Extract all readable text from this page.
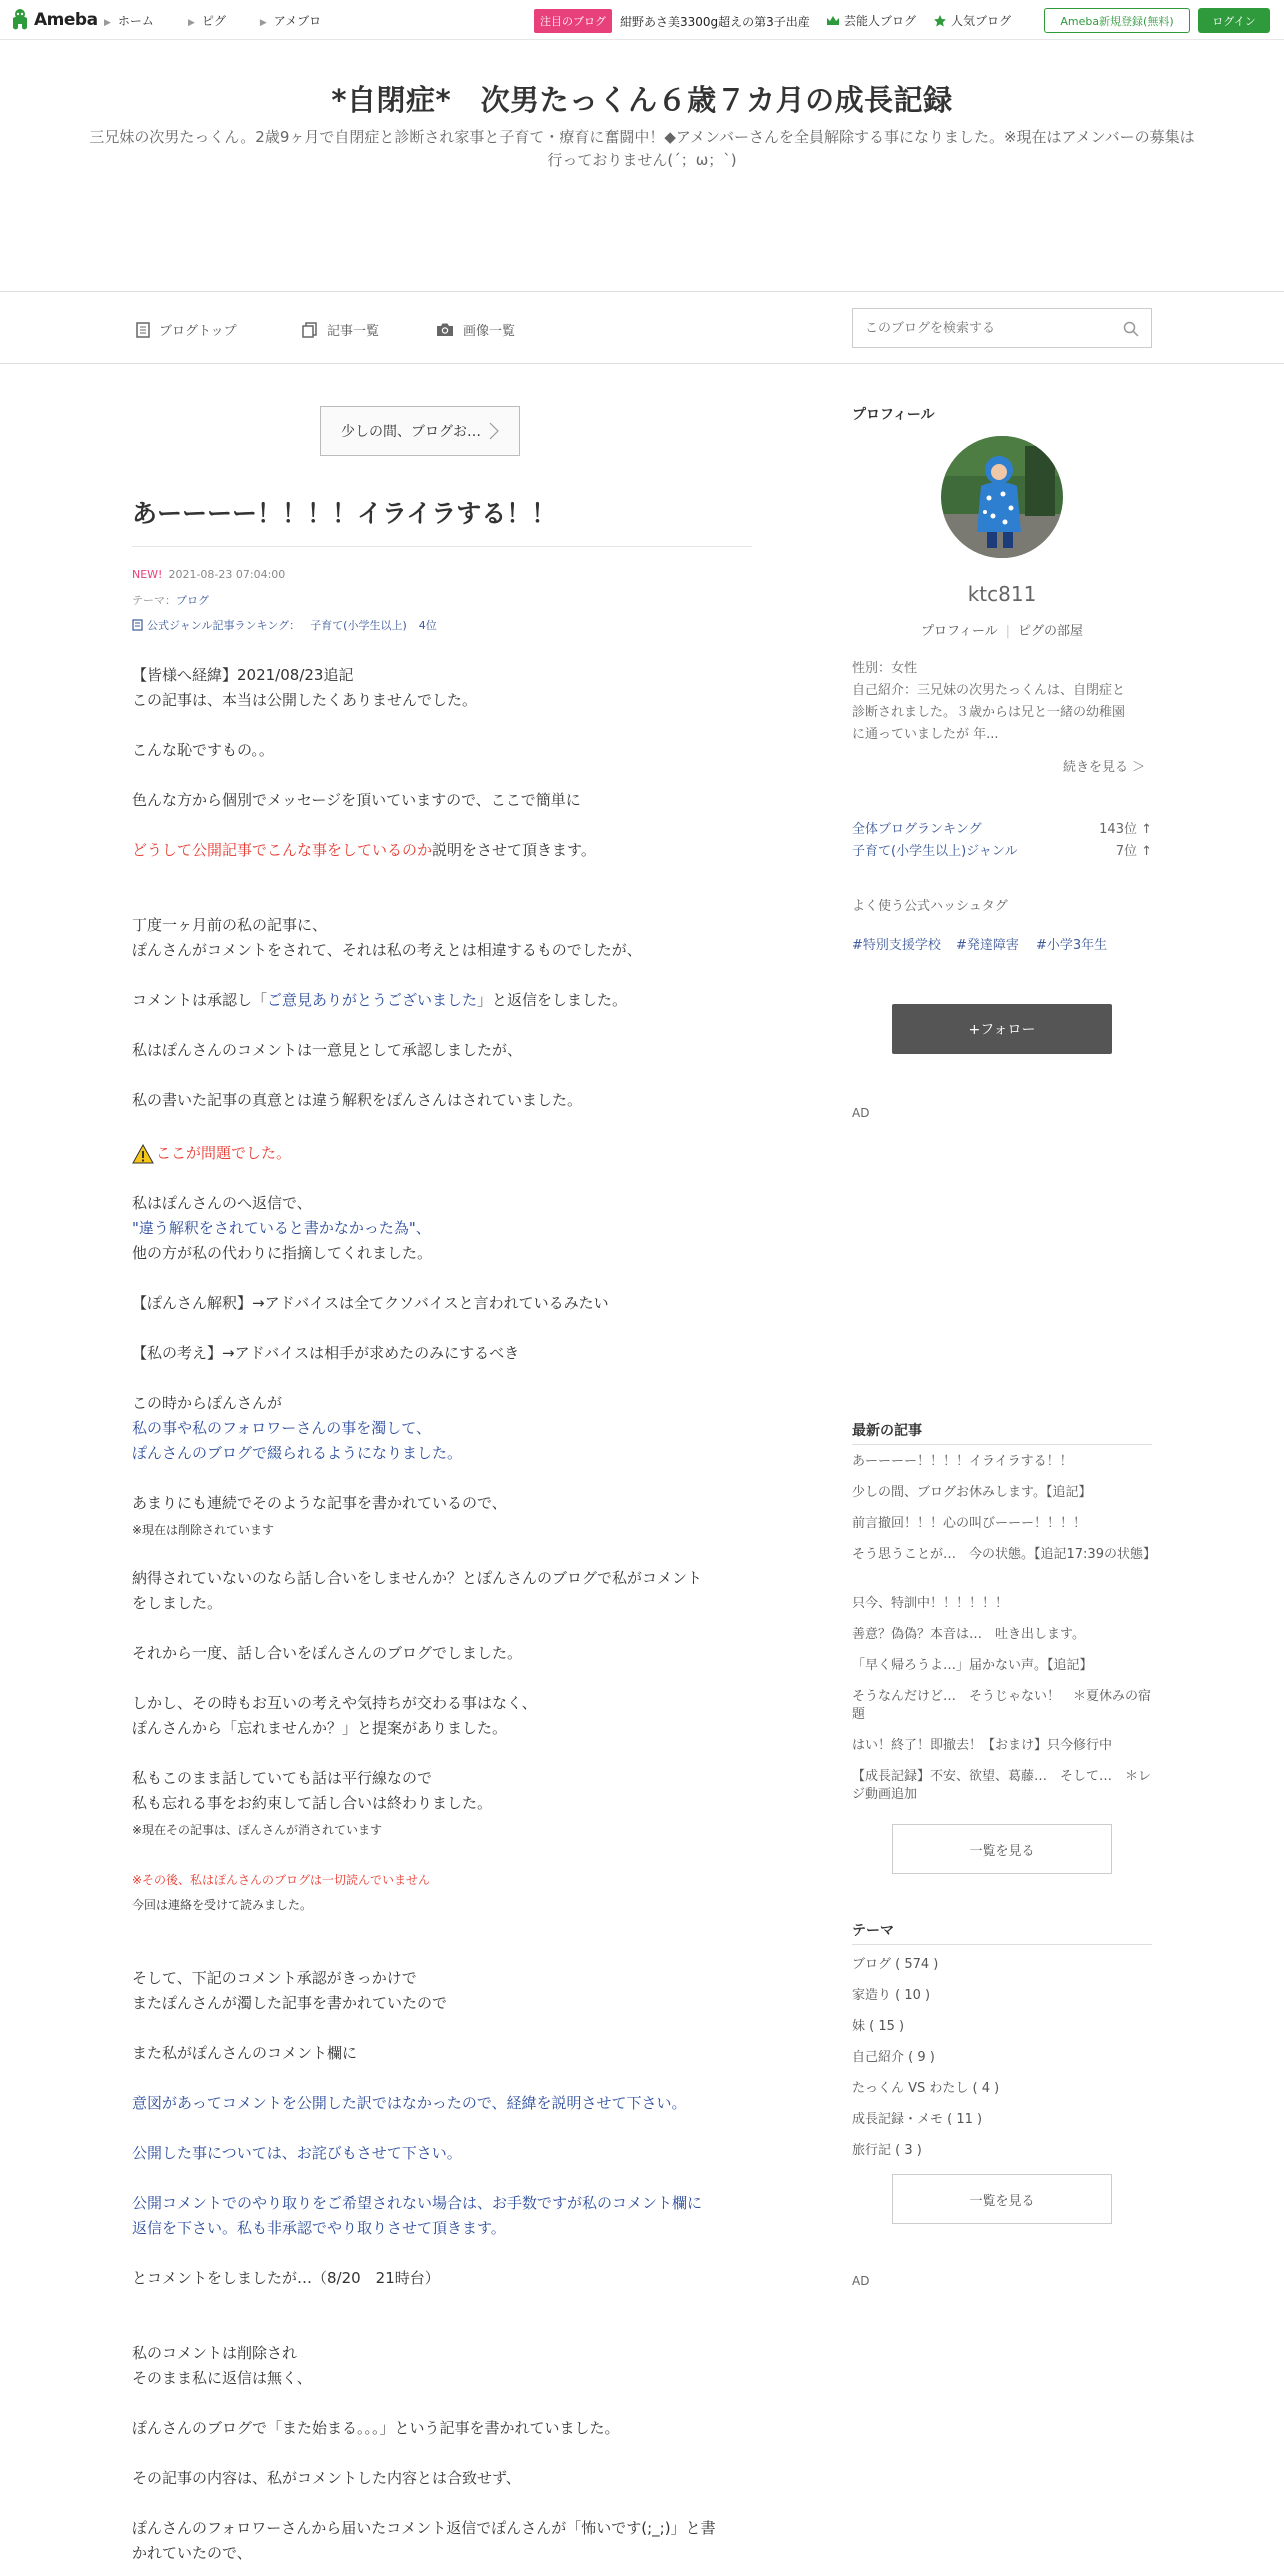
Ameba ▶ ホーム	▶ ピグ	▶ アメブロ	注目のブログ	紺野あさ美3300g超えの第3子出産	芸能人ブログ	人気ブログ	Ameba新規登録(無料)	ログイン
*自閉症*　次男たっくん６歳７カ月の成長記録

三兄妹の次男たっくん。2歳9ヶ月で自閉症と診断され家事と子育て・療育に奮闘中！◆アメンバーさんを全員解除する事になりました。※現在はアメンバーの募集は行っておりません(´；ω；`)

ブログトップ	記事一覧	画像一覧
このブログを検索する
少しの間、ブログお…
あーーーー！！！！イライラする！！
NEW! 2021-08-23 07:04:00
テーマ：ブログ
公式ジャンル記事ランキング： 子育て(小学生以上) 4位

【皆様へ経緯】2021/08/23追記

この記事は、本当は公開したくありませんでした。

こんな恥ですもの。。

色んな方から個別でメッセージを頂いていますので、ここで簡単に

どうして公開記事でこんな事をしているのか説明をさせて頂きます。

丁度一ヶ月前の私の記事に、

ぽんさんがコメントをされて、それは私の考えとは相違するものでしたが、

コメントは承認し「ご意見ありがとうございました」と返信をしました。

私はぽんさんのコメントは一意見として承認しましたが、

私の書いた記事の真意とは違う解釈をぽんさんはされていました。

ここが問題でした。

私はぽんさんのへ返信で、

"違う解釈をされていると書かなかった為"、

他の方が私の代わりに指摘してくれました。

【ぽんさん解釈】→アドバイスは全てクソバイスと言われているみたい

【私の考え】→アドバイスは相手が求めたのみにするべき

この時からぽんさんが

私の事や私のフォロワーさんの事を濁して、

ぽんさんのブログで綴られるようになりました。

あまりにも連続でそのような記事を書かれているので、

※現在は削除されています

納得されていないのなら話し合いをしませんか？とぽんさんのブログで私がコメント

をしました。

それから一度、話し合いをぽんさんのブログでしました。

しかし、その時もお互いの考えや気持ちが交わる事はなく、

ぽんさんから「忘れませんか？」と提案がありました。

私もこのまま話していても話は平行線なので

私も忘れる事をお約束して話し合いは終わりました。

※現在その記事は、ぽんさんが消されています

※その後、私はぽんさんのブログは一切読んでいません

今回は連絡を受けて読みました。

そして、下記のコメント承認がきっかけで

またぽんさんが濁した記事を書かれていたので

また私がぽんさんのコメント欄に

意図があってコメントを公開した訳ではなかったので、経緯を説明させて下さい。

公開した事については、お詫びもさせて下さい。

公開コメントでのやり取りをご希望されない場合は、お手数ですが私のコメント欄に

返信を下さい。私も非承認でやり取りさせて頂きます。

とコメントをしましたが…（8/20　21時台）

私のコメントは削除され

そのまま私に返信は無く、

ぽんさんのブログで「また始まる。。。」という記事を書かれていました。

その記事の内容は、私がコメントした内容とは合致せず、

ぽんさんのフォロワーさんから届いたコメント返信でぽんさんが「怖いです(;_;)」と書

かれていたので、

プロフィール
ktc811
プロフィール | ピグの部屋

性別：女性

自己紹介：三兄妹の次男たっくんは、自閉症と

診断されました。３歳からは兄と一緒の幼稚園

に通っていましたが 年...

続きを見る ＞
全体ブログランキング	143位 ↑
子育て(小学生以上)ジャンル	7位 ↑

よく使う公式ハッシュタグ

#特別支援学校 #発達障害 #小学3年生
+フォロー
AD
最新の記事
あーーーー！！！！イライラする！！
少しの間、ブログお休みします。【追記】
前言撤回！！！心の叫びーーー！！！！
そう思うことが…　今の状態。【追記17:39の状態】
只今、特訓中！！！！！！
善意？偽偽？本音は…　吐き出します。
「早く帰ろうよ…」届かない声。【追記】
そうなんだけど…　そうじゃない！　＊夏休みの宿題
はい！終了！即撤去！【おまけ】只今修行中
【成長記録】不安、欲望、葛藤…　そして…　＊レジ動画追加
一覧を見る
テーマ
ブログ ( 574 )
家造り ( 10 )
妹 ( 15 )
自己紹介 ( 9 )
たっくん VS わたし ( 4 )
成長記録・メモ ( 11 )
旅行記 ( 3 )
一覧を見る
AD
